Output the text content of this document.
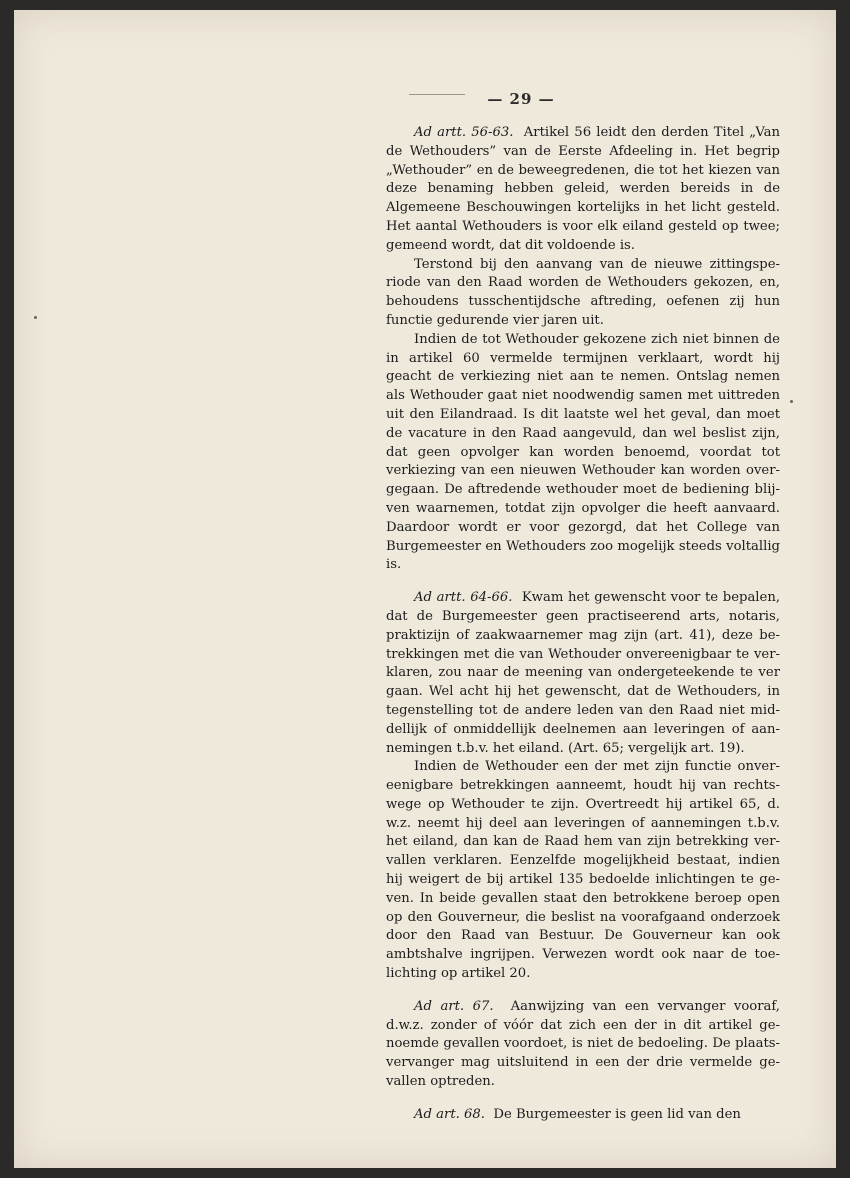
— 29 —

Ad artt. 56-63. Artikel 56 leidt den derden Titel „Van de Wethouders” van de Eerste Afdeeling in. Het begrip „Wethouder” en de beweegredenen, die tot het kiezen van deze benaming hebben geleid, werden bereids in de Algemeene Beschouwingen kortelijks in het licht gesteld. Het aantal Wethouders is voor elk eiland gesteld op twee; gemeend wordt, dat dit voldoende is.

Terstond bij den aanvang van de nieuwe zittingsperiode van den Raad worden de Wethouders gekozen, en, behoudens tusschentijdsche aftreding, oefenen zij hun functie gedurende vier jaren uit.

Indien de tot Wethouder gekozene zich niet binnen de in artikel 60 vermelde termijnen verklaart, wordt hij geacht de verkiezing niet aan te nemen. Ontslag nemen als Wethouder gaat niet noodwendig samen met uittreden uit den Eilandraad. Is dit laatste wel het geval, dan moet de vacature in den Raad aangevuld, dan wel beslist zijn, dat geen opvolger kan worden benoemd, voordat tot verkiezing van een nieuwen Wethouder kan worden overgegaan. De aftredende wethouder moet de bediening blijven waarnemen, totdat zijn opvolger die heeft aanvaard. Daardoor wordt er voor gezorgd, dat het College van Burgemeester en Wethouders zoo mogelijk steeds voltallig is.

Ad artt. 64-66. Kwam het gewenscht voor te bepalen, dat de Burgemeester geen practiseerend arts, notaris, praktizijn of zaakwaarnemer mag zijn (art. 41), deze betrekkingen met die van Wethouder onvereenigbaar te verklaren, zou naar de meening van ondergeteekende te ver gaan. Wel acht hij het gewenscht, dat de Wethouders, in tegenstelling tot de andere leden van den Raad niet middellijk of onmiddellijk deelnemen aan leveringen of aannemingen t.b.v. het eiland. (Art. 65; vergelijk art. 19).

Indien de Wethouder een der met zijn functie onvereenigbare betrekkingen aanneemt, houdt hij van rechtswege op Wethouder te zijn. Overtreedt hij artikel 65, d. w.z. neemt hij deel aan leveringen of aannemingen t.b.v. het eiland, dan kan de Raad hem van zijn betrekking vervallen verklaren. Eenzelfde mogelijkheid bestaat, indien hij weigert de bij artikel 135 bedoelde inlichtingen te geven. In beide gevallen staat den betrokkene beroep open op den Gouverneur, die beslist na voorafgaand onderzoek door den Raad van Bestuur. De Gouverneur kan ook ambtshalve ingrijpen. Verwezen wordt ook naar de toelichting op artikel 20.

Ad art. 67. Aanwijzing van een vervanger vooraf, d.w.z. zonder of vóór dat zich een der in dit artikel genoemde gevallen voordoet, is niet de bedoeling. De plaatsvervanger mag uitsluitend in een der drie vermelde gevallen optreden.

Ad art. 68. De Burgemeester is geen lid van den
